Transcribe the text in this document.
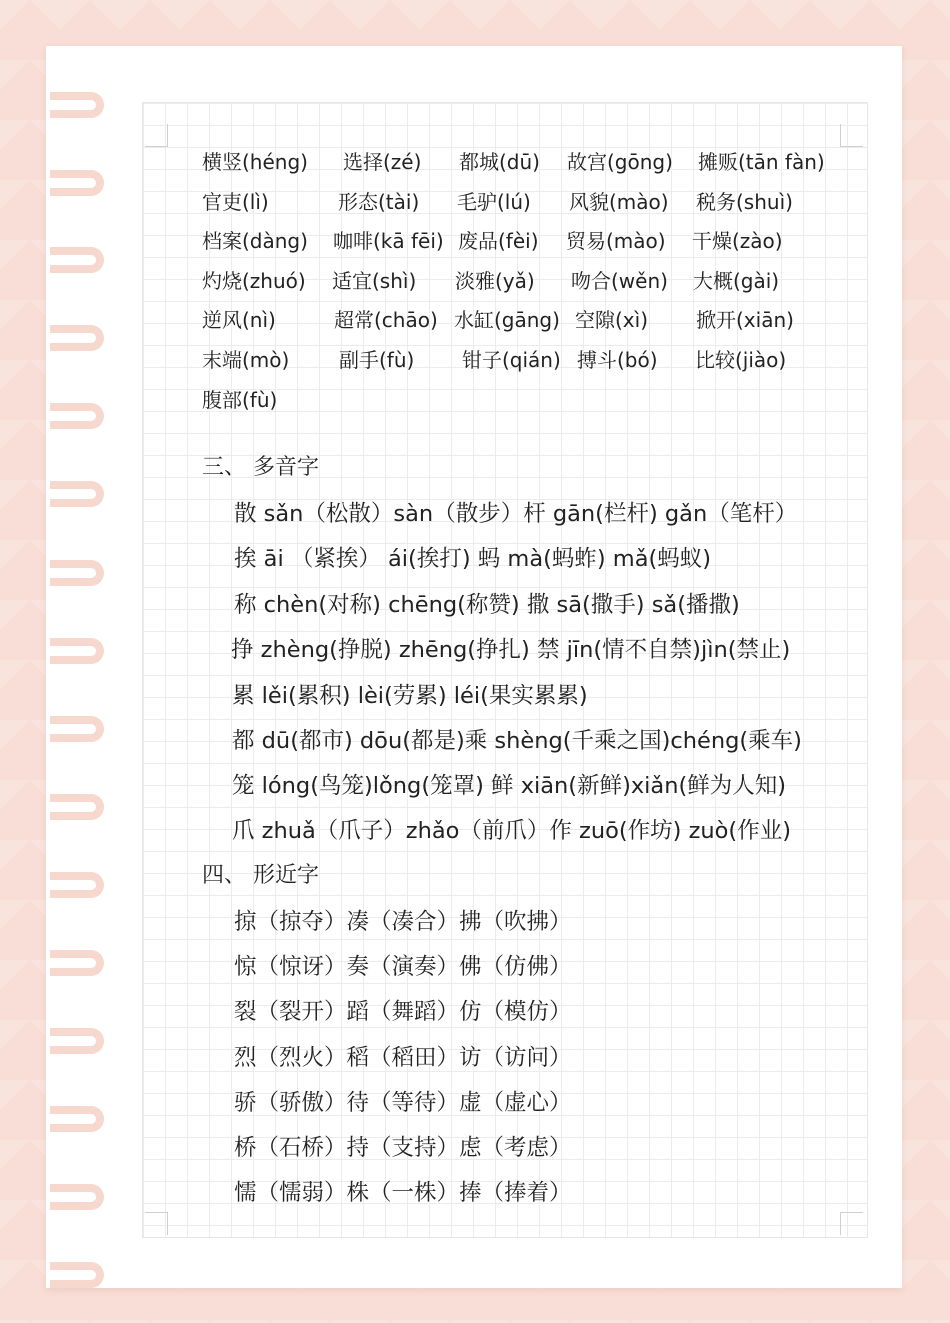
横竖(héng) 选择(zé) 都城(dū) 故宫(gōng) 摊贩(tān fàn)
官吏(lì)	形态(tài) 毛驴(lú) 风貌(mào) 税务(shuì)
档案(dàng) 咖啡(kā fēi) 废品(fèi) 贸易(mào) 干燥(zào)
灼烧(zhuó) 适宜(shì) 淡雅(yǎ) 吻合(wěn) 大概(gài)
逆风(nì)	超常(chāo) 水缸(gāng) 空隙(xì) 掀开(xiān)
末端(mò) 副手(fù) 钳子(qián) 搏斗(bó) 比较(jiào)
腹部(fù)
三、 多音字
散 sǎn（松散）sàn（散步）杆 gān(栏杆) gǎn（笔杆）
挨 āi （紧挨） ái(挨打) 蚂 mà(蚂蚱) mǎ(蚂蚁)
称 chèn(对称) chēng(称赞) 撒 sā(撒手) sǎ(播撒)
挣 zhèng(挣脱) zhēng(挣扎) 禁 jīn(情不自禁)jìn(禁止)
累 lěi(累积) lèi(劳累) léi(果实累累)
都 dū(都市) dōu(都是)乘 shèng(千乘之国)chéng(乘车)
笼 lóng(鸟笼)lǒng(笼罩) 鲜 xiān(新鲜)xiǎn(鲜为人知)
爪 zhuǎ（爪子）zhǎo（前爪）作 zuō(作坊) zuò(作业)
四、 形近字
掠（掠夺）凑（凑合）拂（吹拂）
惊（惊讶）奏（演奏）佛（仿佛）
裂（裂开）蹈（舞蹈）仿（模仿）
烈（烈火）稻（稻田）访（访问）
骄（骄傲）待（等待）虚（虚心）
桥（石桥）持（支持）虑（考虑）
懦（懦弱）株（一株）捧（捧着）
